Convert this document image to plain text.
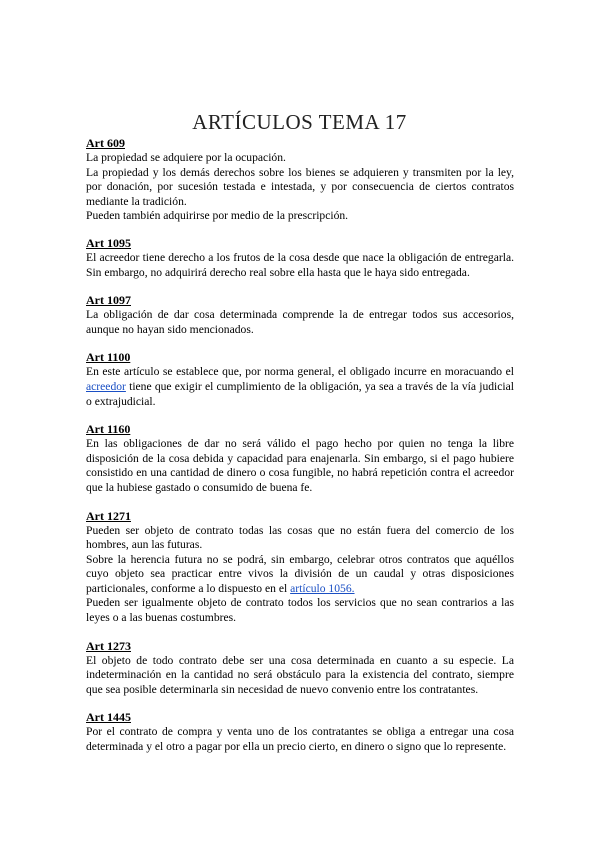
ARTÍCULOS TEMA 17
Art 609

La propiedad se adquiere por la ocupación.

La propiedad y los demás derechos sobre los bienes se adquieren y transmiten por la ley, por donación, por sucesión testada e intestada, y por consecuencia de ciertos contratos mediante la tradición.

Pueden también adquirirse por medio de la prescripción.

Art 1095

El acreedor tiene derecho a los frutos de la cosa desde que nace la obligación de entregarla. Sin embargo, no adquirirá derecho real sobre ella hasta que le haya sido entregada.

Art 1097

La obligación de dar cosa determinada comprende la de entregar todos sus accesorios, aunque no hayan sido mencionados.

Art 1100

En este artículo se establece que, por norma general, el obligado incurre en moracuando el acreedor tiene que exigir el cumplimiento de la obligación, ya sea a través de la vía judicial o extrajudicial.

Art 1160

En las obligaciones de dar no será válido el pago hecho por quien no tenga la libre disposición de la cosa debida y capacidad para enajenarla. Sin embargo, si el pago hubiere consistido en una cantidad de dinero o cosa fungible, no habrá repetición contra el acreedor que la hubiese gastado o consumido de buena fe.

Art 1271

Pueden ser objeto de contrato todas las cosas que no están fuera del comercio de los hombres, aun las futuras.

Sobre la herencia futura no se podrá, sin embargo, celebrar otros contratos que aquéllos cuyo objeto sea practicar entre vivos la división de un caudal y otras disposiciones particionales, conforme a lo dispuesto en el artículo 1056.

Pueden ser igualmente objeto de contrato todos los servicios que no sean contrarios a las leyes o a las buenas costumbres.

Art 1273

El objeto de todo contrato debe ser una cosa determinada en cuanto a su especie. La indeterminación en la cantidad no será obstáculo para la existencia del contrato, siempre que sea posible determinarla sin necesidad de nuevo convenio entre los contratantes.

Art 1445

Por el contrato de compra y venta uno de los contratantes se obliga a entregar una cosa determinada y el otro a pagar por ella un precio cierto, en dinero o signo que lo represente.
